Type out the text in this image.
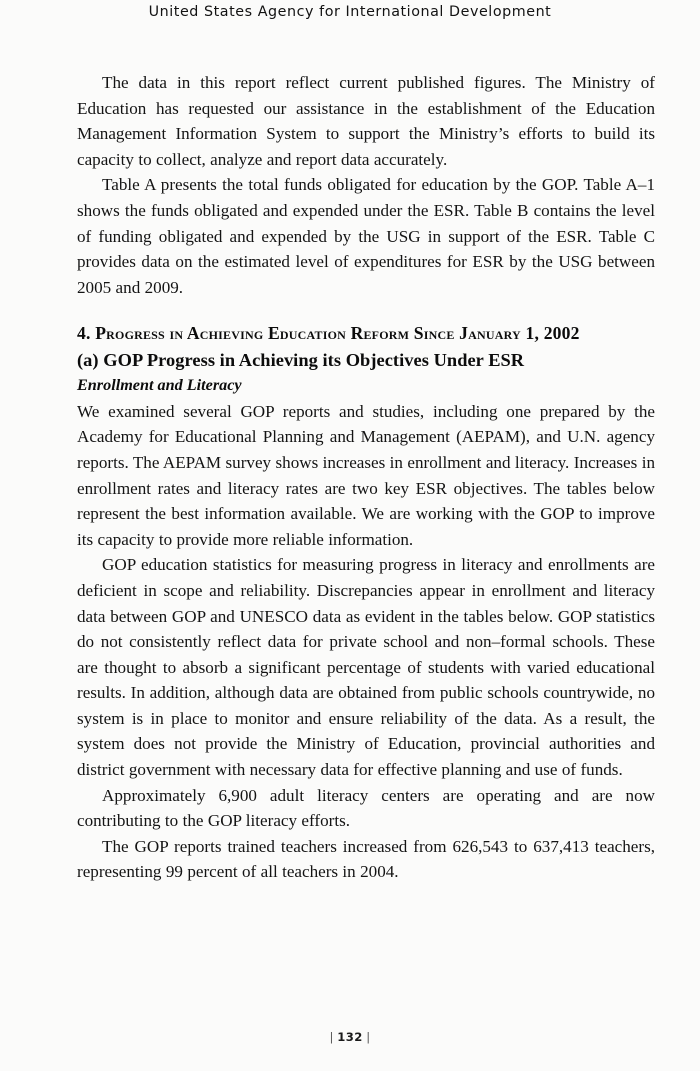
United States Agency for International Development

The data in this report reflect current published figures. The Ministry of Education has requested our assistance in the establishment of the Education Management Information System to support the Ministry’s efforts to build its capacity to collect, analyze and report data accurately.

Table A presents the total funds obligated for education by the GOP. Table A–1 shows the funds obligated and expended under the ESR. Table B contains the level of funding obligated and expended by the USG in support of the ESR. Table C provides data on the estimated level of expenditures for ESR by the USG between 2005 and 2009.

4. Progress in Achieving Education Reform Since January 1, 2002
(a) GOP Progress in Achieving its Objectives Under ESR
Enrollment and Literacy

We examined several GOP reports and studies, including one prepared by the Academy for Educational Planning and Management (AEPAM), and U.N. agency reports. The AEPAM survey shows increases in enrollment and literacy. Increases in enrollment rates and literacy rates are two key ESR objectives. The tables below represent the best information available. We are working with the GOP to improve its capacity to provide more reliable information.

GOP education statistics for measuring progress in literacy and enrollments are deficient in scope and reliability. Discrepancies appear in enrollment and literacy data between GOP and UNESCO data as evident in the tables below. GOP statistics do not consistently reflect data for private school and non–formal schools. These are thought to absorb a significant percentage of students with varied educational results. In addition, although data are obtained from public schools countrywide, no system is in place to monitor and ensure reliability of the data. As a result, the system does not provide the Ministry of Education, provincial authorities and district government with necessary data for effective planning and use of funds.

Approximately 6,900 adult literacy centers are operating and are now contributing to the GOP literacy efforts.

The GOP reports trained teachers increased from 626,543 to 637,413 teachers, representing 99 percent of all teachers in 2004.

| 132 |
